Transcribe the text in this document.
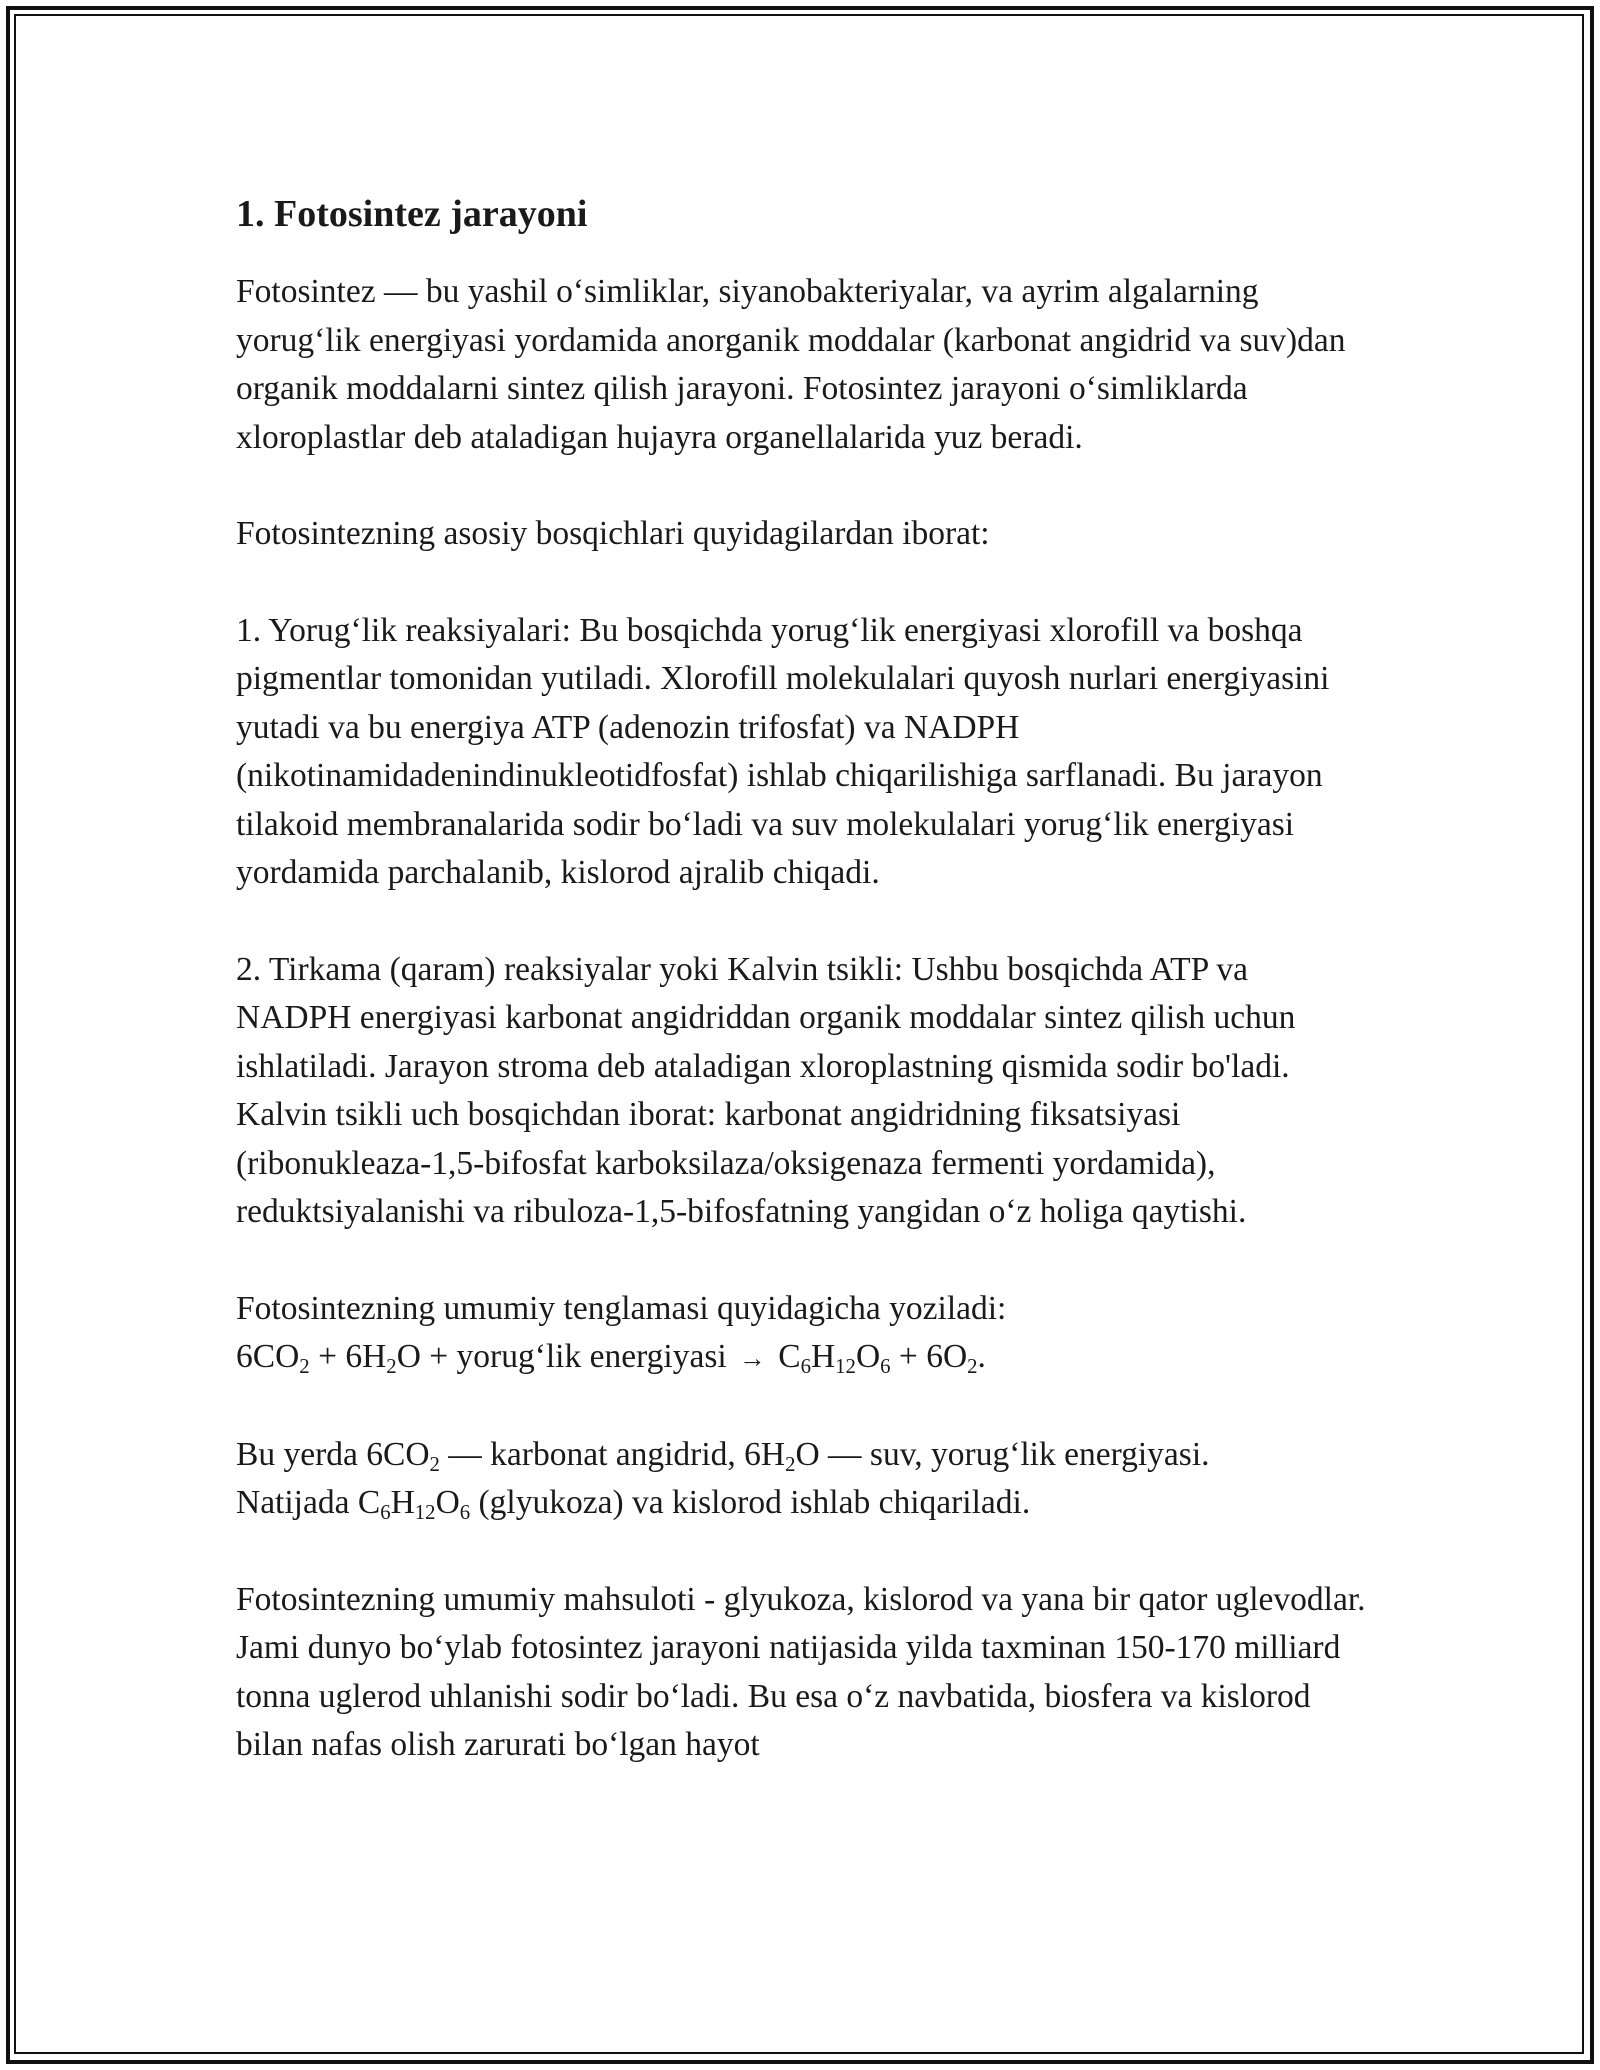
1. Fotosintez jarayoni

Fotosintez — bu yashil o‘simliklar, siyanobakteriyalar, va ayrim algalarning yorug‘lik energiyasi yordamida anorganik moddalar (karbonat angidrid va suv)dan organik moddalarni sintez qilish jarayoni. Fotosintez jarayoni o‘simliklarda xloroplastlar deb ataladigan hujayra organellalarida yuz beradi.

Fotosintezning asosiy bosqichlari quyidagilardan iborat:

1. Yorug‘lik reaksiyalari: Bu bosqichda yorug‘lik energiyasi xlorofill va boshqa pigmentlar tomonidan yutiladi. Xlorofill molekulalari quyosh nurlari energiyasini yutadi va bu energiya ATP (adenozin trifosfat) va NADPH (nikotinamidadenindinukleotidfosfat) ishlab chiqarilishiga sarflanadi. Bu jarayon tilakoid membranalarida sodir bo‘ladi va suv molekulalari yorug‘lik energiyasi yordamida parchalanib, kislorod ajralib chiqadi.

2. Tirkama (qaram) reaksiyalar yoki Kalvin tsikli: Ushbu bosqichda ATP va NADPH energiyasi karbonat angidriddan organik moddalar sintez qilish uchun ishlatiladi. Jarayon stroma deb ataladigan xloroplastning qismida sodir bo'ladi. Kalvin tsikli uch bosqichdan iborat: karbonat angidridning fiksatsiyasi (ribonukleaza-1,5-bifosfat karboksilaza/oksigenaza fermenti yordamida), reduktsiyalanishi va ribuloza-1,5-bifosfatning yangidan o‘z holiga qaytishi.

Fotosintezning umumiy tenglamasi quyidagicha yoziladi:

$6CO_2 + 6H_2O$ + yorug‘lik energiyasi → $C_6H_{12}O_6 + 6O_2$.

Bu yerda $6CO_2$ — karbonat angidrid, $6H_2O$ — suv, yorug‘lik energiyasi.
Natijada $C_6H_{12}O_6$ (glyukoza) va kislorod ishlab chiqariladi.

Fotosintezning umumiy mahsuloti - glyukoza, kislorod va yana bir qator uglevodlar. Jami dunyo bo‘ylab fotosintez jarayoni natijasida yilda taxminan 150-170 milliard tonna uglerod uhlanishi sodir bo‘ladi. Bu esa o‘z navbatida, biosfera va kislorod bilan nafas olish zarurati bo‘lgan hayot
